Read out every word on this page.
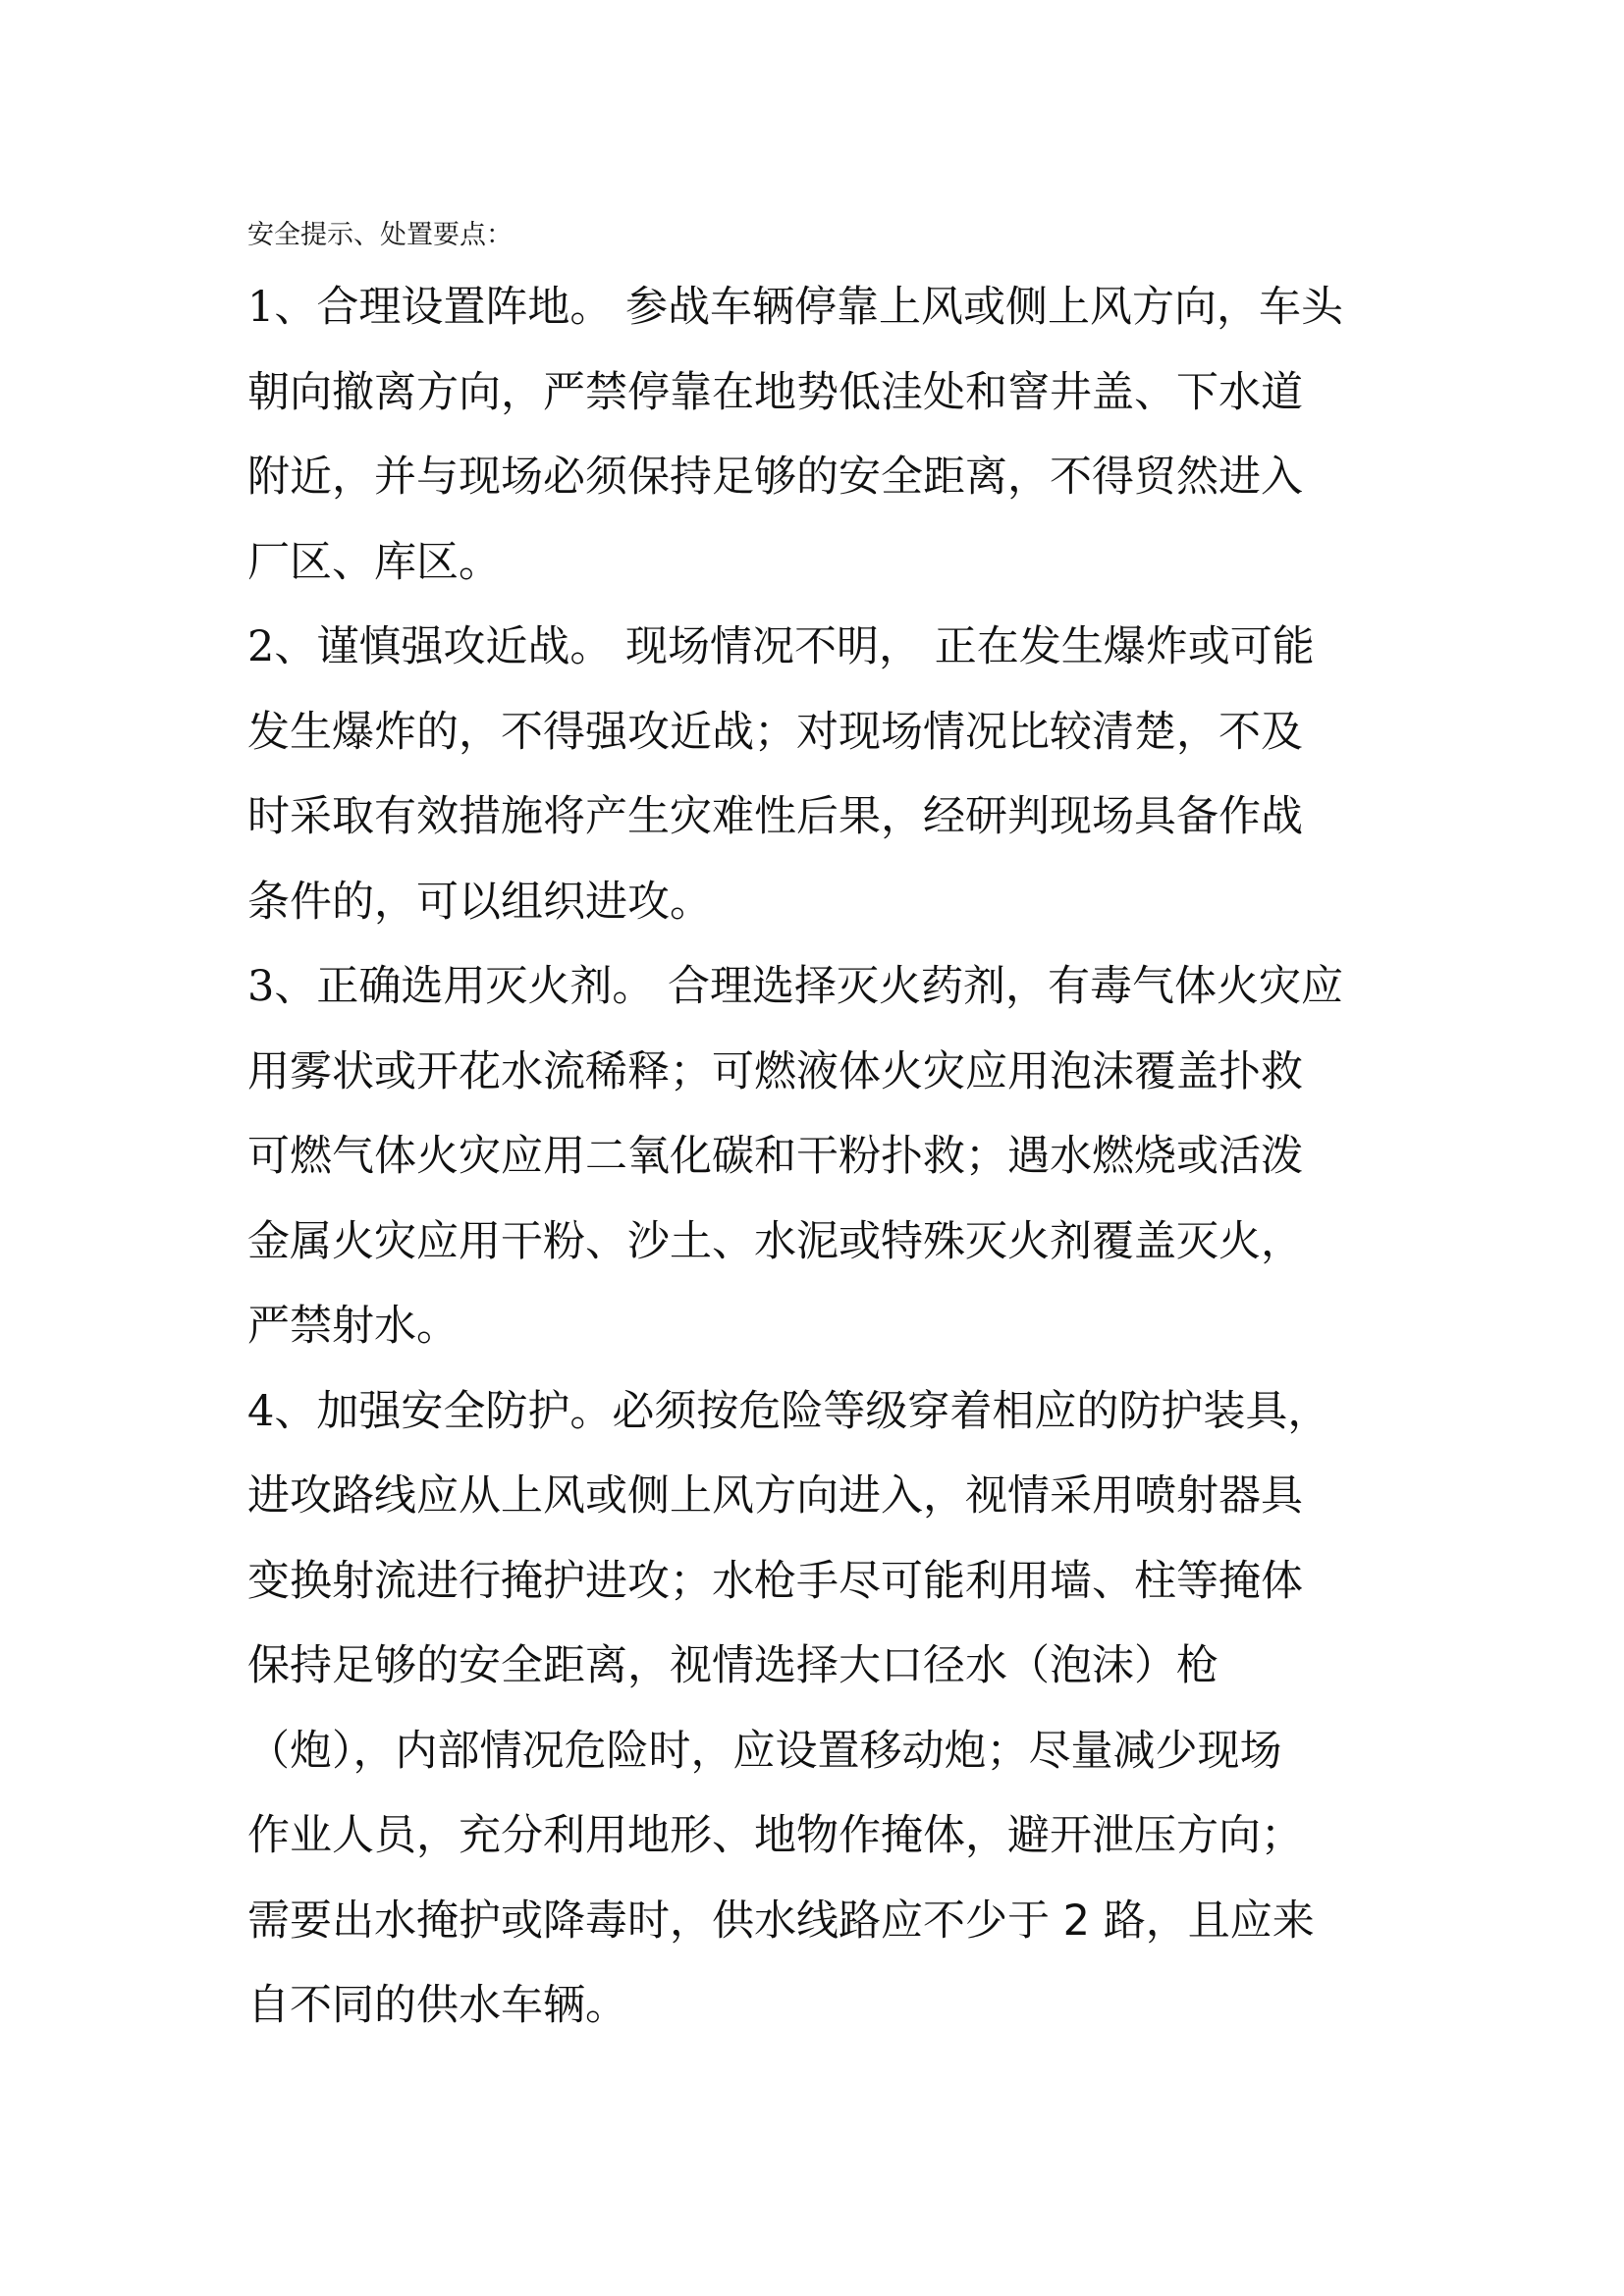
安全提示、处置要点：
1、合理设置阵地。 参战车辆停靠上风或侧上风方向，车头
朝向撤离方向，严禁停靠在地势低洼处和窨井盖、下水道
附近，并与现场必须保持足够的安全距离，不得贸然进入
厂区、库区。
2、谨慎强攻近战。 现场情况不明， 正在发生爆炸或可能
发生爆炸的，不得强攻近战；对现场情况比较清楚，不及
时采取有效措施将产生灾难性后果，经研判现场具备作战
条件的，可以组织进攻。
3、正确选用灭火剂。 合理选择灭火药剂，有毒气体火灾应
用雾状或开花水流稀释；可燃液体火灾应用泡沫覆盖扑救
可燃气体火灾应用二氧化碳和干粉扑救；遇水燃烧或活泼
金属火灾应用干粉、沙土、水泥或特殊灭火剂覆盖灭火，
严禁射水。
4、加强安全防护。必须按危险等级穿着相应的防护装具，
进攻路线应从上风或侧上风方向进入，视情采用喷射器具
变换射流进行掩护进攻；水枪手尽可能利用墙、柱等掩体
保持足够的安全距离，视情选择大口径水（泡沫）枪
（炮），内部情况危险时，应设置移动炮；尽量减少现场
作业人员，充分利用地形、地物作掩体，避开泄压方向；
需要出水掩护或降毒时，供水线路应不少于 2 路，且应来
自不同的供水车辆。
